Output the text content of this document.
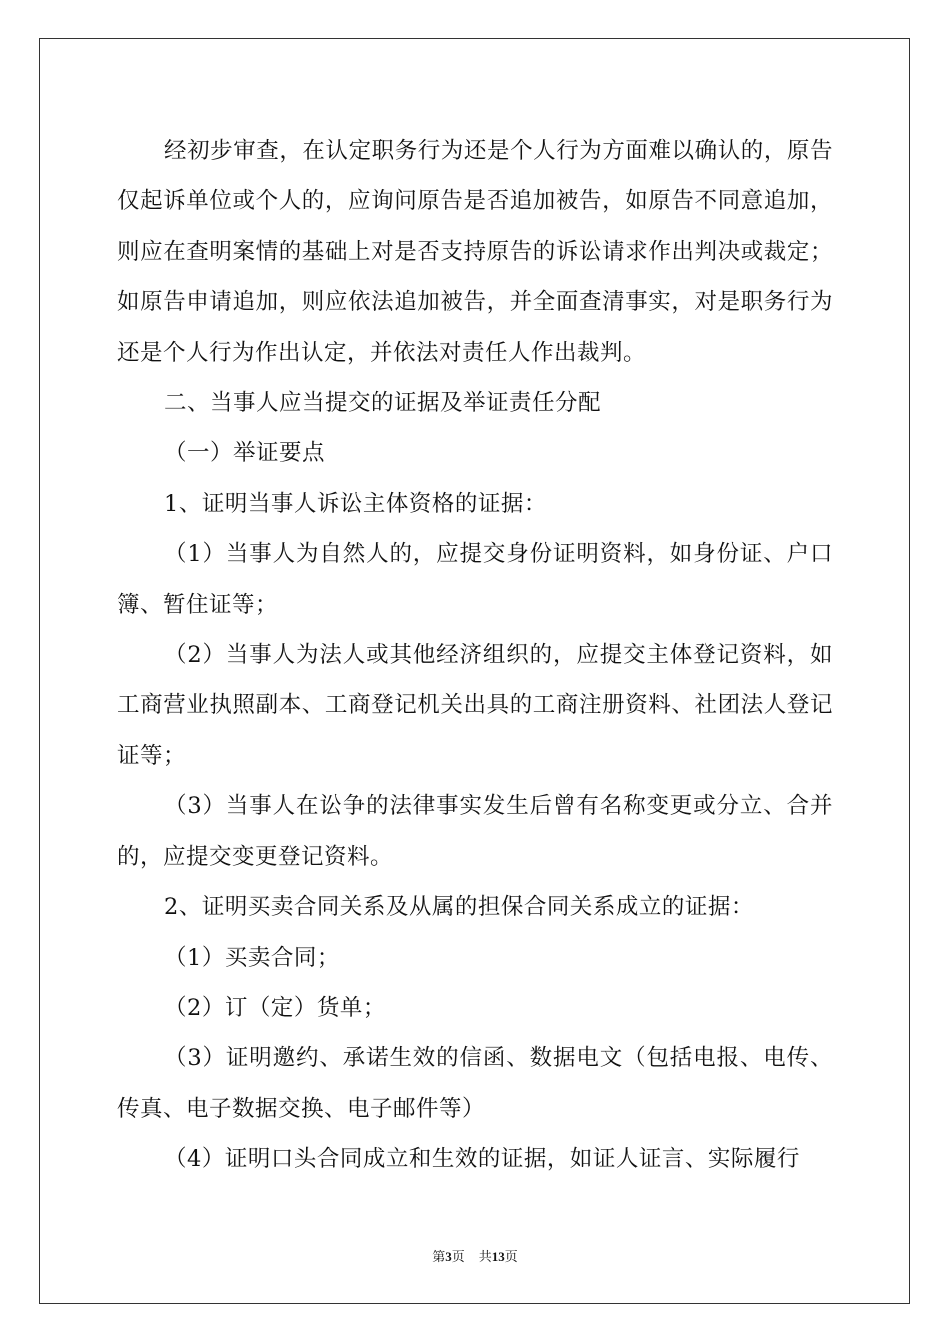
经初步审查，在认定职务行为还是个人行为方面难以确认的，原告仅起诉单位或个人的，应询问原告是否追加被告，如原告不同意追加，则应在查明案情的基础上对是否支持原告的诉讼请求作出判决或裁定；如原告申请追加，则应依法追加被告，并全面查清事实，对是职务行为还是个人行为作出认定，并依法对责任人作出裁判。

二、当事人应当提交的证据及举证责任分配

（一）举证要点

1、证明当事人诉讼主体资格的证据：

（1）当事人为自然人的，应提交身份证明资料，如身份证、户口簿、暂住证等；

（2）当事人为法人或其他经济组织的，应提交主体登记资料，如工商营业执照副本、工商登记机关出具的工商注册资料、社团法人登记证等；

（3）当事人在讼争的法律事实发生后曾有名称变更或分立、合并的，应提交变更登记资料。

2、证明买卖合同关系及从属的担保合同关系成立的证据：

（1）买卖合同；

（2）订（定）货单；

（3）证明邀约、承诺生效的信函、数据电文（包括电报、电传、传真、电子数据交换、电子邮件等）

（4）证明口头合同成立和生效的证据，如证人证言、实际履行

第3页 共13页
